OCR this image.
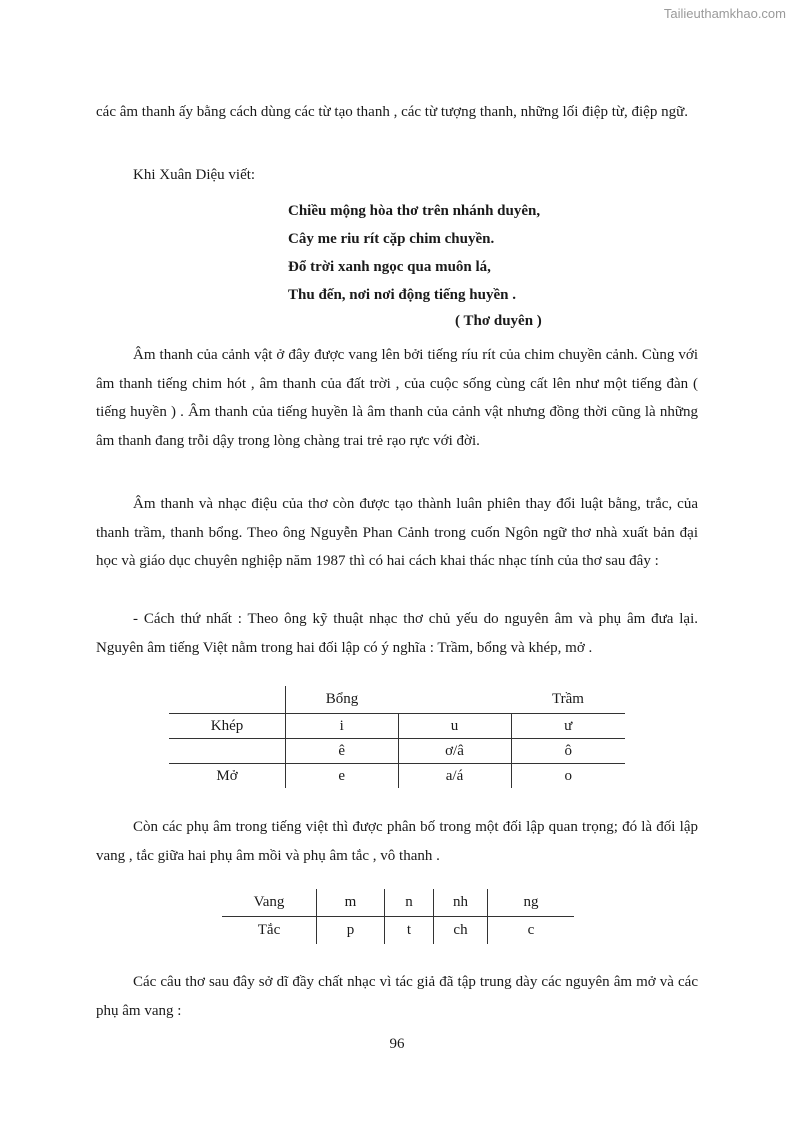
Tailieuthamkhao.com

các âm thanh ấy bằng cách dùng các từ tạo thanh , các từ tượng thanh, những lối điệp từ, điệp ngữ.

Khi Xuân Diệu viết:

Chiều mộng hòa thơ trên nhánh duyên,
Cây me riu rít cặp chim chuyền.
Đổ trời xanh ngọc qua muôn lá,
Thu đến, nơi nơi động tiếng huyền .
( Thơ duyên )

Âm thanh của cảnh vật ở đây được vang lên bởi tiếng ríu rít của chim chuyền cảnh. Cùng với âm thanh tiếng chim hót , âm thanh của đất trời , của cuộc sống cùng cất lên như một tiếng đàn ( tiếng huyền ) . Âm thanh của tiếng huyền là âm thanh của cảnh vật nhưng đồng thời cũng là những âm thanh đang trỗi dậy trong lòng chàng trai trẻ rạo rực với đời.

Âm thanh và nhạc điệu của thơ còn được tạo thành luân phiên thay đổi luật bằng, trắc, của thanh trầm, thanh bổng. Theo ông Nguyễn Phan Cảnh trong cuốn Ngôn ngữ thơ nhà xuất bản đại học và giáo dục chuyên nghiệp năm 1987 thì có hai cách khai thác nhạc tính của thơ sau đây :

- Cách thứ nhất : Theo ông kỹ thuật nhạc thơ chủ yếu do nguyên âm và phụ âm đưa lại. Nguyên âm tiếng Việt nằm trong hai đối lập có ý nghĩa : Trầm, bổng và khép, mở .

	Bổng		Trầm
Khép	i	u	ư
	ê	ơ/â	ô
Mở	e	a/á	o

Còn các phụ âm trong tiếng việt thì được phân bố trong một đối lập quan trọng; đó là đối lập vang , tắc giữa hai phụ âm mồi và phụ âm tắc , vô thanh .

Vang	m	n	nh	ng
Tắc	p	t	ch	c

Các câu thơ sau đây sở dĩ đầy chất nhạc vì tác giả đã tập trung dày các nguyên âm mở và các phụ âm vang :

96
